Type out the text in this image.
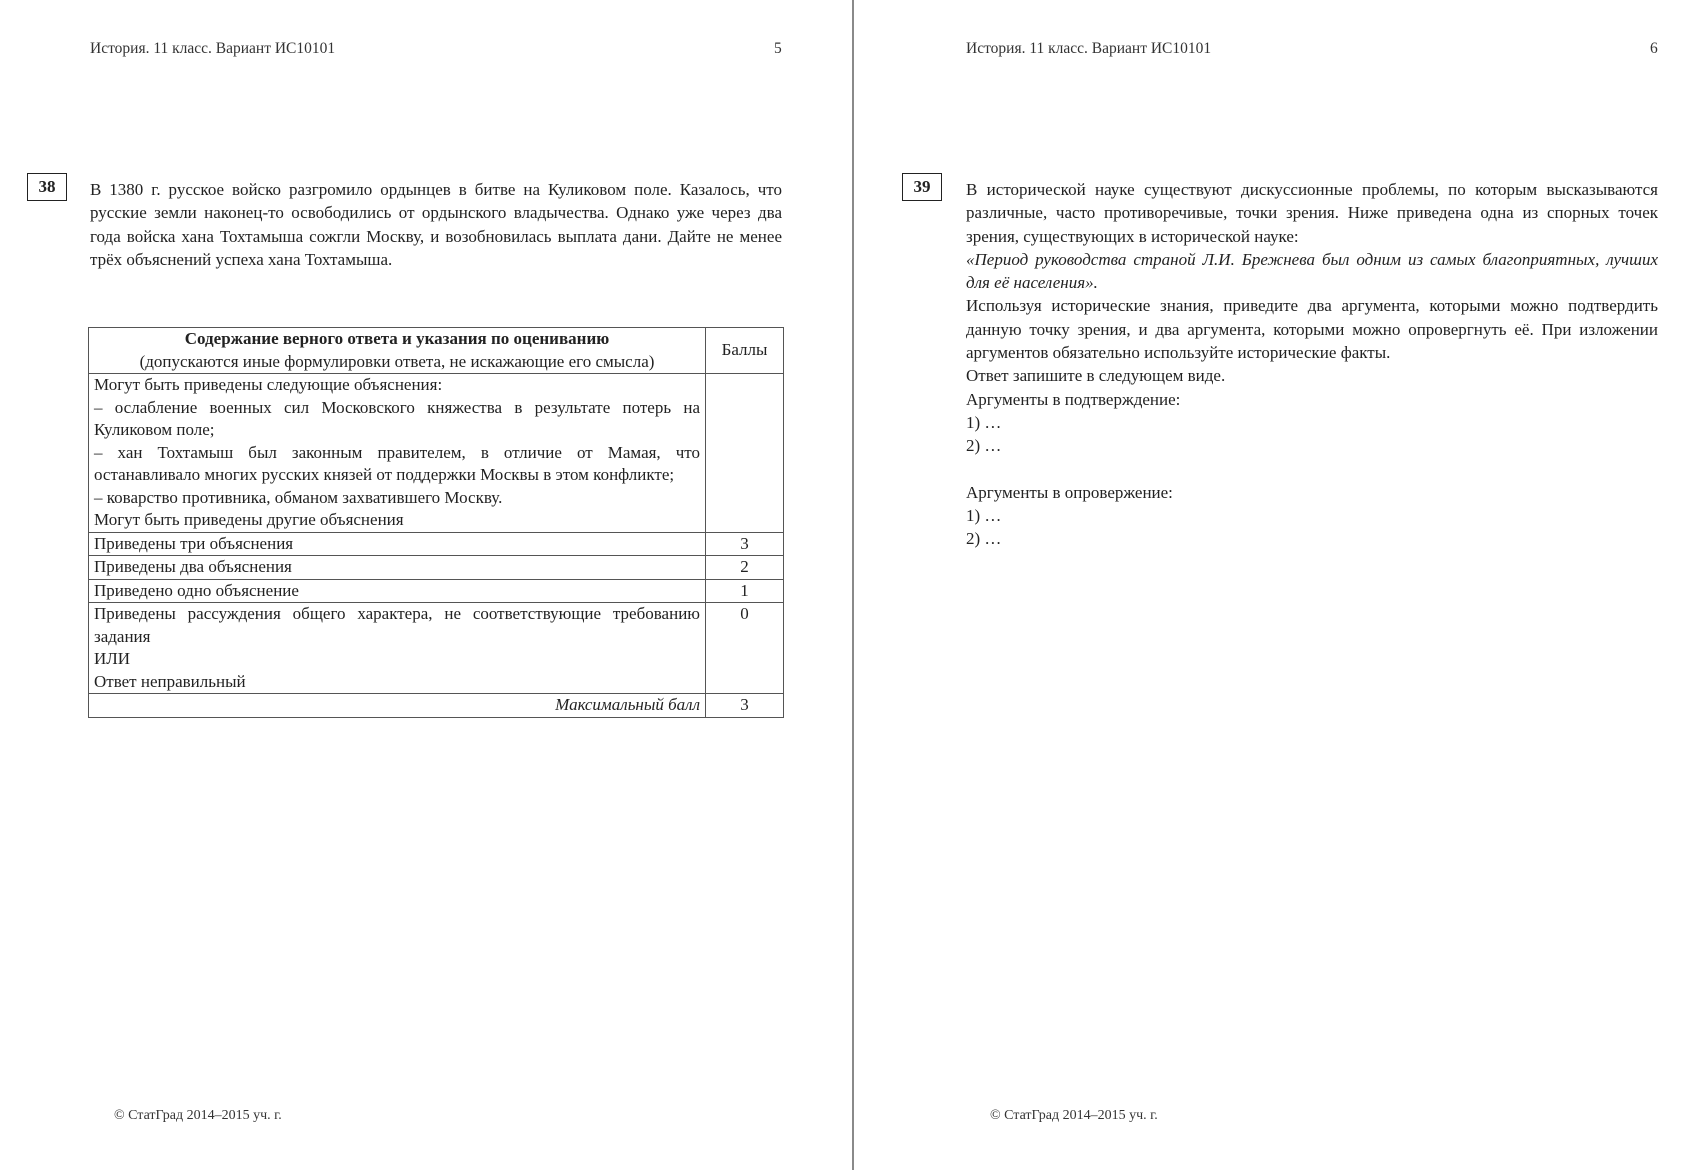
История. 11 класс. Вариант ИС10101	5
38	В 1380 г. русское войско разгромило ордынцев в битве на Куликовом поле. Казалось, что русские земли наконец-то освободились от ордынского владычества. Однако уже через два года войска хана Тохтамыша сожгли Москву, и возобновилась выплата дани. Дайте не менее трёх объяснений успеха хана Тохтамыша.

Содержание верного ответа и указания по оцениванию
(допускаются иные формулировки ответа, не искажающие его смысла)	Баллы

Могут быть приведены следующие объяснения:
– ослабление военных сил Московского княжества в результате потерь на Куликовом поле;
– хан Тохтамыш был законным правителем, в отличие от Мамая, что останавливало многих русских князей от поддержки Москвы в этом конфликте;
– коварство противника, обманом захватившего Москву.
Могут быть приведены другие объяснения	

Приведены три объяснения	3
Приведены два объяснения	2
Приведено одно объяснение	1

Приведены рассуждения общего характера, не соответствующие требованию задания
ИЛИ
Ответ неправильный	0
Максимальный балл	3
© СтатГрад 2014–2015 уч. г.
История. 11 класс. Вариант ИС10101	6
39	В исторической науке существуют дискуссионные проблемы, по которым высказываются различные, часто противоречивые, точки зрения. Ниже приведена одна из спорных точек зрения, существующих в исторической науке:

«Период руководства страной Л.И. Брежнева был одним из самых благоприятных, лучших для её населения».

Используя исторические знания, приведите два аргумента, которыми можно подтвердить данную точку зрения, и два аргумента, которыми можно опровергнуть её. При изложении аргументов обязательно используйте исторические факты.

Ответ запишите в следующем виде.

Аргументы в подтверждение:

1) …

2) …

Аргументы в опровержение:

1) …

2) …

© СтатГрад 2014–2015 уч. г.
